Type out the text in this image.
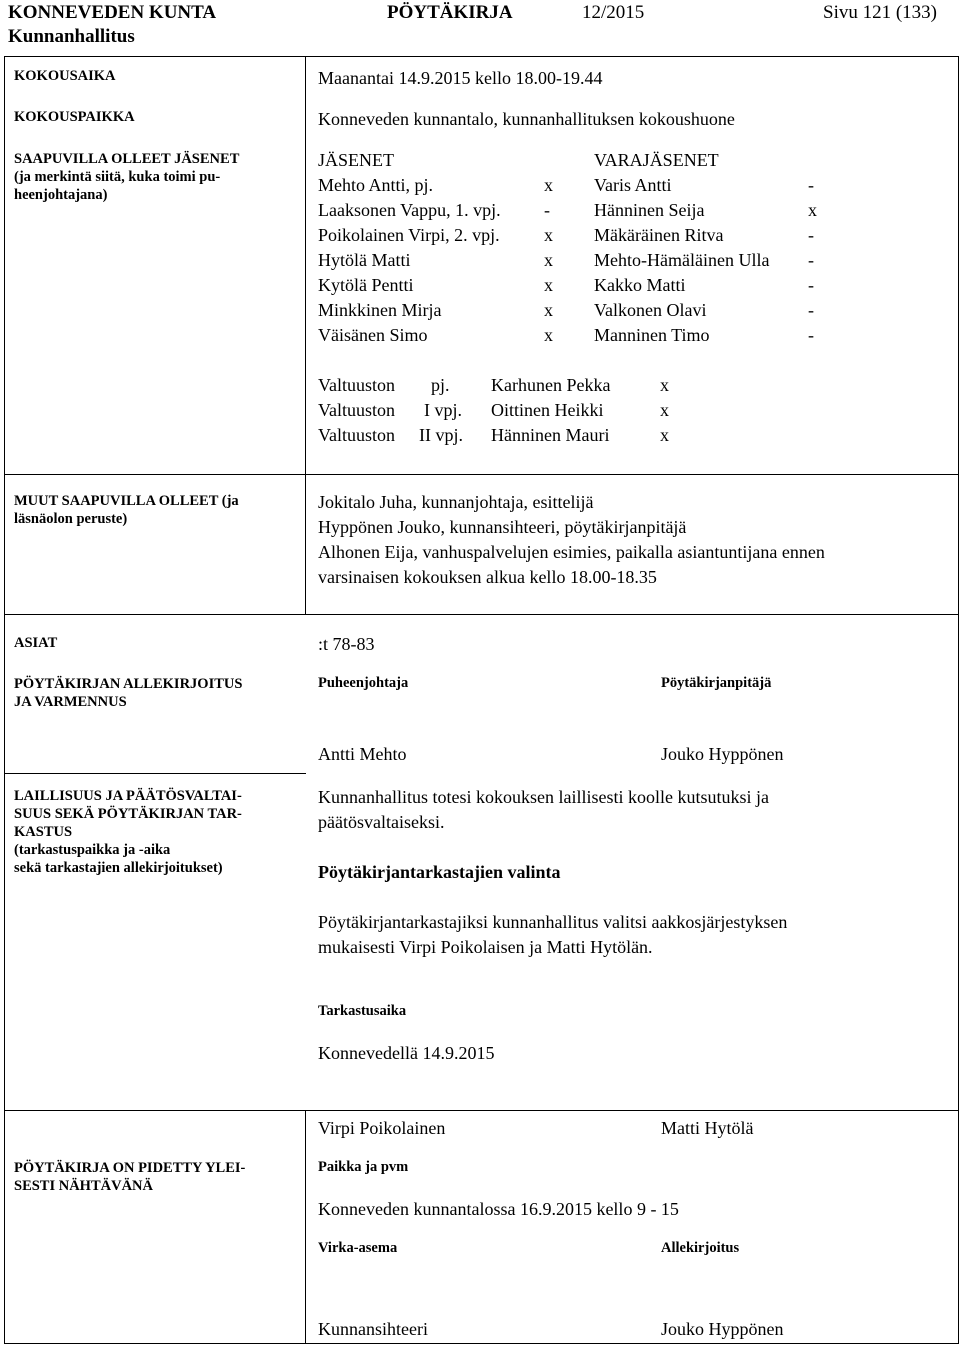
KONNEVEDEN KUNTA
Kunnanhallitus
PÖYTÄKIRJA	12/2015	Sivu 121 (133)
KOKOUSAIKA	Maanantai 14.9.2015 kello 18.00-19.44
KOKOUSPAIKKA	Konneveden kunnantalo, kunnanhallituksen kokoushuone
SAAPUVILLA OLLEET JÄSENET
(ja merkintä siitä, kuka toimi pu-
heenjohtajana)
JÄSENET	VARAJÄSENET
Mehto Antti, pj.	x Varis Antti	-
Laaksonen Vappu, 1. vpj. - Hänninen Seija	x
Poikolainen Virpi, 2. vpj. x Mäkäräinen Ritva	-
Hytölä Matti	x Mehto-Hämäläinen Ulla -
Kytölä Pentti	x Kakko Matti	-
Minkkinen Mirja	x Valkonen Olavi	-
Väisänen Simo	x Manninen Timo	-
Valtuuston pj. Karhunen Pekka	x
Valtuuston I vpj. Oittinen Heikki	x
Valtuuston II vpj. Hänninen Mauri	x
MUUT SAAPUVILLA OLLEET (ja
läsnäolon peruste)
Jokitalo Juha, kunnanjohtaja, esittelijä
Hyppönen Jouko, kunnansihteeri, pöytäkirjanpitäjä
Alhonen Eija, vanhuspalvelujen esimies, paikalla asiantuntijana ennen
varsinaisen kokouksen alkua kello 18.00-18.35
ASIAT	:t 78-83
PÖYTÄKIRJAN ALLEKIRJOITUS
JA VARMENNUS
Puheenjohtaja	Pöytäkirjanpitäjä
Antti Mehto	Jouko Hyppönen
LAILLISUUS JA PÄÄTÖSVALTAI-
SUUS SEKÄ PÖYTÄKIRJAN TAR-
KASTUS
(tarkastuspaikka ja -aika
sekä tarkastajien allekirjoitukset)
Kunnanhallitus totesi kokouksen laillisesti koolle kutsutuksi ja
päätösvaltaiseksi.
Pöytäkirjantarkastajien valinta
Pöytäkirjantarkastajiksi kunnanhallitus valitsi aakkosjärjestyksen
mukaisesti Virpi Poikolaisen ja Matti Hytölän.
Tarkastusaika
Konnevedellä 14.9.2015
Virpi Poikolainen	Matti Hytölä
PÖYTÄKIRJA ON PIDETTY YLEI-
SESTI NÄHTÄVÄNÄ
Paikka ja pvm
Konneveden kunnantalossa 16.9.2015 kello 9 - 15
Virka-asema	Allekirjoitus
Kunnansihteeri	Jouko Hyppönen
